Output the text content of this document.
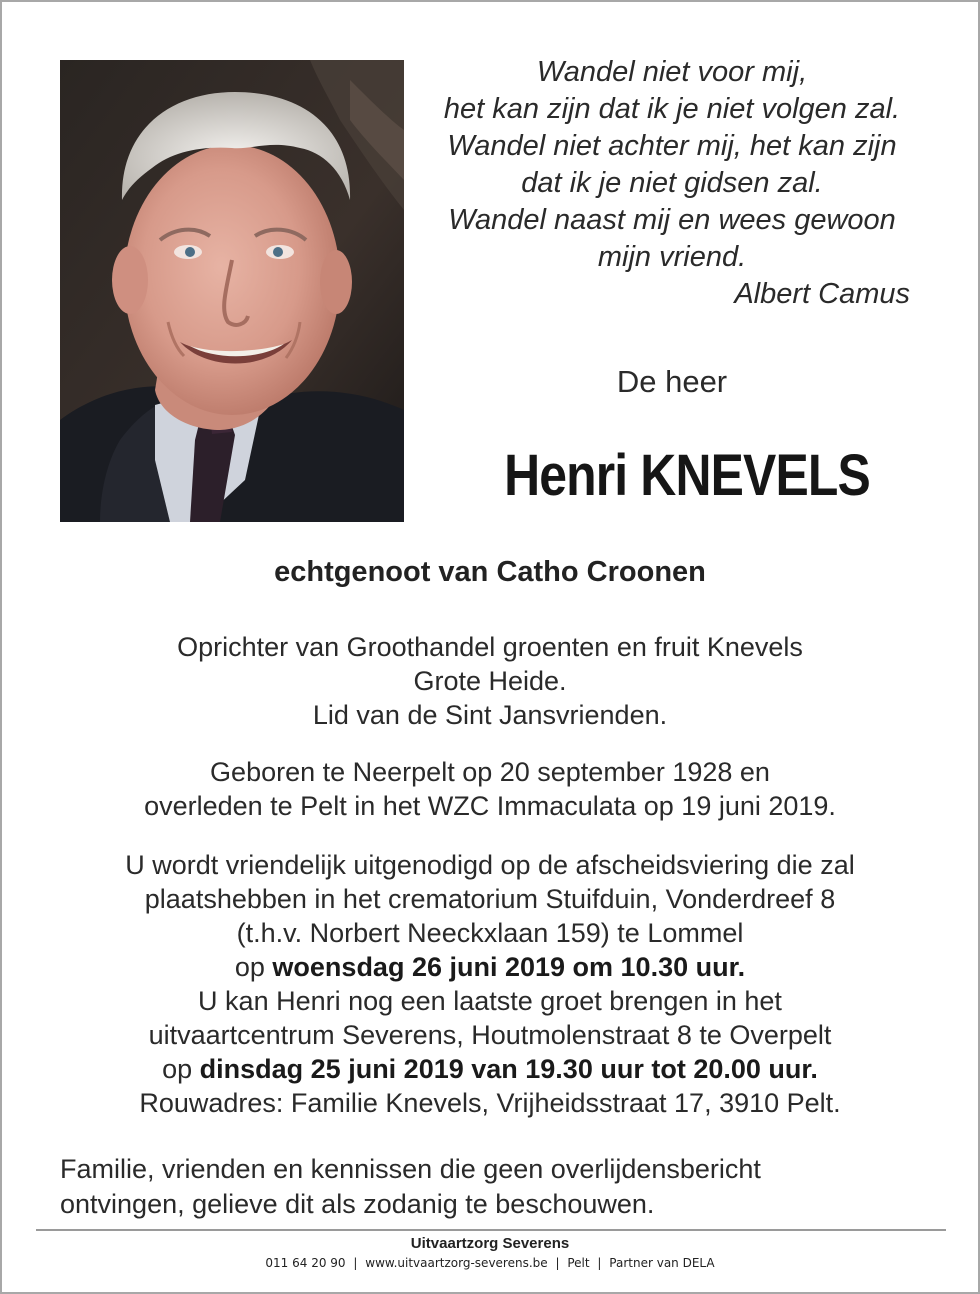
Wandel niet voor mij,
het kan zijn dat ik je niet volgen zal.
Wandel niet achter mij, het kan zijn
dat ik je niet gidsen zal.
Wandel naast mij en wees gewoon
mijn vriend.
Albert Camus
De heer
Henri KNEVELS
echtgenoot van Catho Croonen
Oprichter van Groothandel groenten en fruit Knevels
Grote Heide.
Lid van de Sint Jansvrienden.
Geboren te Neerpelt op 20 september 1928 en
overleden te Pelt in het WZC Immaculata op 19 juni 2019.
U wordt vriendelijk uitgenodigd op de afscheidsviering die zal
plaatshebben in het crematorium Stuifduin, Vonderdreef 8
(t.h.v. Norbert Neeckxlaan 159) te Lommel
op woensdag 26 juni 2019 om 10.30 uur.
U kan Henri nog een laatste groet brengen in het
uitvaartcentrum Severens, Houtmolenstraat 8 te Overpelt
op dinsdag 25 juni 2019 van 19.30 uur tot 20.00 uur.
Rouwadres: Familie Knevels, Vrijheidsstraat 17, 3910 Pelt.
Familie, vrienden en kennissen die geen overlijdensbericht
ontvingen, gelieve dit als zodanig te beschouwen.
Uitvaartzorg Severens
011 64 20 90 | www.uitvaartzorg-severens.be | Pelt | Partner van DELA
